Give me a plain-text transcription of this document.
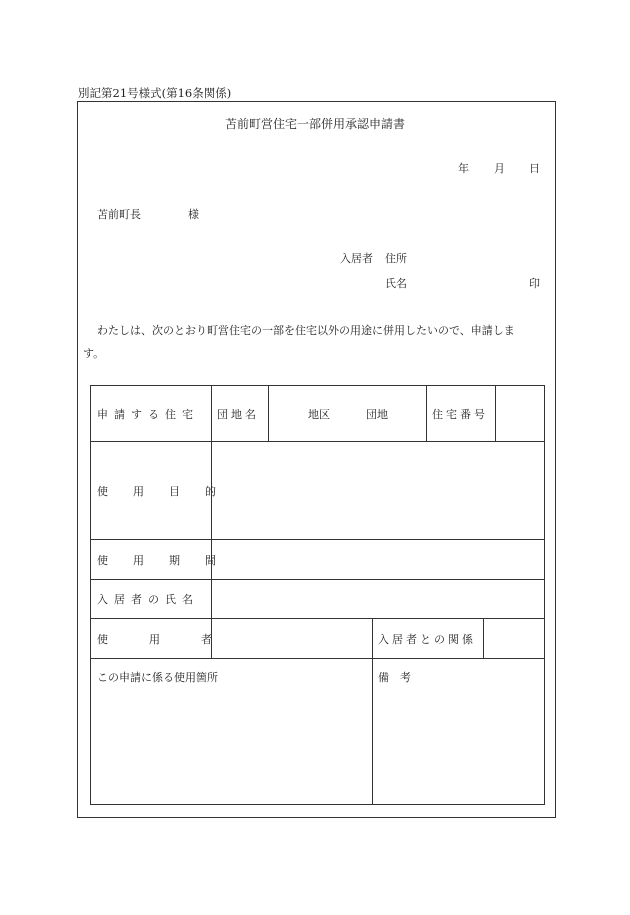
別記第21号様式(第16条関係)
苫前町営住宅一部併用承認申請書
年 月 日
苫前町長	様
入居者 住所
氏名	印
わたしは、次のとおり町営住宅の一部を住宅以外の用途に併用したいので、申請しま
す。
申請する住宅 団地名	地区	団地	住宅番号
使用目的
使用期間
入居者の氏名
使用者	入居者との関係
この申請に係る使用箇所	備　考
